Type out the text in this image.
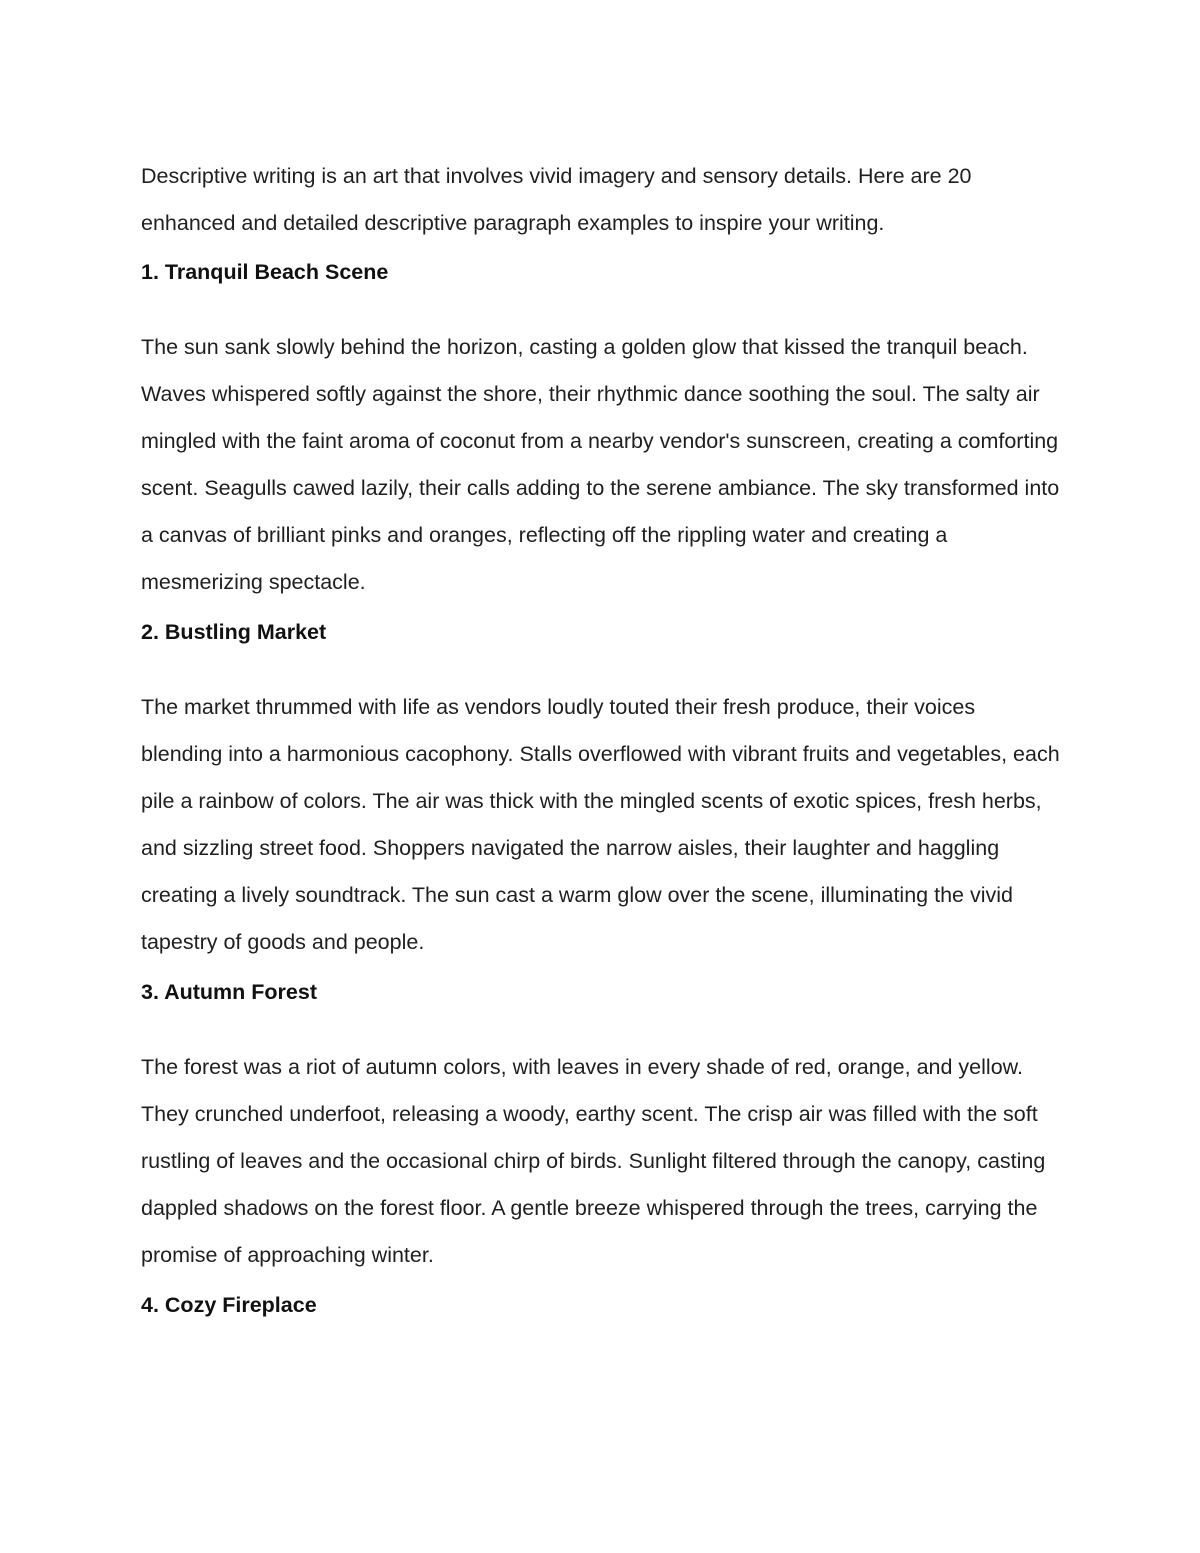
Descriptive writing is an art that involves vivid imagery and sensory details. Here are 20 enhanced and detailed descriptive paragraph examples to inspire your writing.

1. Tranquil Beach Scene

The sun sank slowly behind the horizon, casting a golden glow that kissed the tranquil beach. Waves whispered softly against the shore, their rhythmic dance soothing the soul. The salty air mingled with the faint aroma of coconut from a nearby vendor's sunscreen, creating a comforting scent. Seagulls cawed lazily, their calls adding to the serene ambiance. The sky transformed into a canvas of brilliant pinks and oranges, reflecting off the rippling water and creating a mesmerizing spectacle.

2. Bustling Market

The market thrummed with life as vendors loudly touted their fresh produce, their voices blending into a harmonious cacophony. Stalls overflowed with vibrant fruits and vegetables, each pile a rainbow of colors. The air was thick with the mingled scents of exotic spices, fresh herbs, and sizzling street food. Shoppers navigated the narrow aisles, their laughter and haggling creating a lively soundtrack. The sun cast a warm glow over the scene, illuminating the vivid tapestry of goods and people.

3. Autumn Forest

The forest was a riot of autumn colors, with leaves in every shade of red, orange, and yellow. They crunched underfoot, releasing a woody, earthy scent. The crisp air was filled with the soft rustling of leaves and the occasional chirp of birds. Sunlight filtered through the canopy, casting dappled shadows on the forest floor. A gentle breeze whispered through the trees, carrying the promise of approaching winter.

4. Cozy Fireplace
